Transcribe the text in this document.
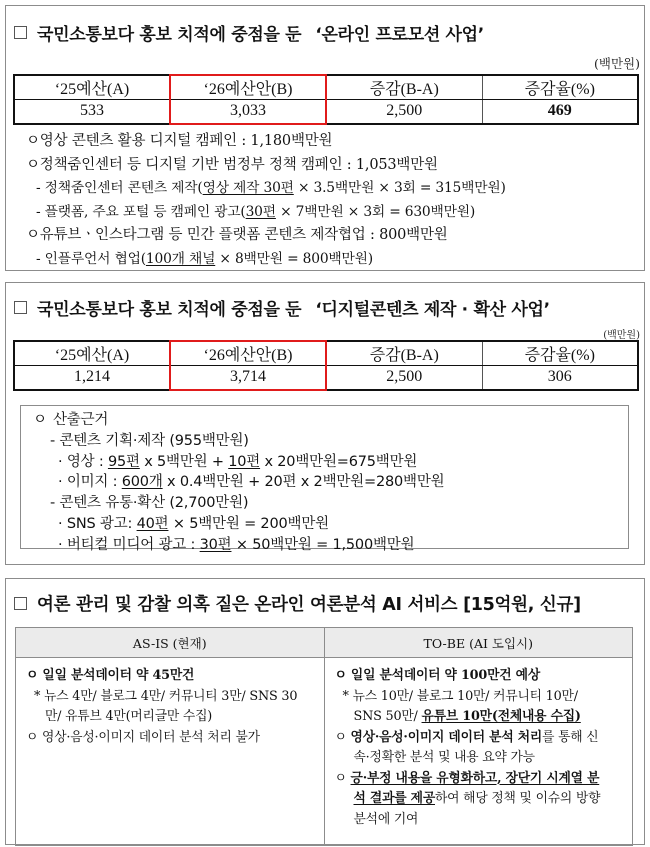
국민소통보다 홍보 치적에 중점을 둔 ‘온라인 프로모션 사업’
(백만원)
‘25예산(A)	‘26예산안(B)	증감(B-A)	증감율(%)
533	3,033	2,500	469
ㅇ영상 콘텐츠 활용 디지털 캠페인 : 1,180백만원
ㅇ정책줌인센터 등 디지털 기반 범정부 정책 캠페인 : 1,053백만원
- 정책줌인센터 콘텐츠 제작(영상 제작 30편 × 3.5백만원 × 3회 = 315백만원)
- 플랫폼, 주요 포털 등 캠페인 광고(30편 × 7백만원 × 3회 = 630백만원)
ㅇ유튜브ㆍ인스타그램 등 민간 플랫폼 콘텐츠 제작협업 : 800백만원
- 인플루언서 협업(100개 채널 × 8백만원 = 800백만원)
국민소통보다 홍보 치적에 중점을 둔 ‘디지털콘텐츠 제작 · 확산 사업’
(백만원)
‘25예산(A)	‘26예산안(B)	증감(B-A)	증감율(%)
1,214	3,714	2,500	306
ㅇ 산출근거
- 콘텐츠 기획·제작 (955백만원)
· 영상 : 95편 x 5백만원 + 10편 x 20백만원=675백만원
· 이미지 : 600개 x 0.4백만원 + 20편 x 2백만원=280백만원
- 콘텐츠 유통·확산 (2,700만원)
· SNS 광고: 40편 × 5백만원 = 200백만원
· 버티컬 미디어 광고 : 30편 × 50백만원 = 1,500백만원
여론 관리 및 감찰 의혹 짙은 온라인 여론분석 AI 서비스 [15억원, 신규]
AS-IS (현재)	TO-BE (AI 도입시)

ㅇ 일일 분석데이터 약 45만건
* 뉴스 4만/ 블로그 4만/ 커뮤니티 3만/ SNS 30
만/ 유튜브 4만(머리글만 수집)
ㅇ 영상·음성·이미지 데이터 분석 처리 불가

ㅇ 일일 분석데이터 약 100만건 예상
* 뉴스 10만/ 블로그 10만/ 커뮤니티 10만/
SNS 50만/ 유튜브 10만(전체내용 수집)
ㅇ 영상·음성·이미지 데이터 분석 처리를 통해 신
속·정확한 분석 및 내용 요약 가능
ㅇ 긍·부정 내용을 유형화하고, 장단기 시계열 분
석 결과를 제공하여 해당 정책 및 이슈의 방향
분석에 기여
